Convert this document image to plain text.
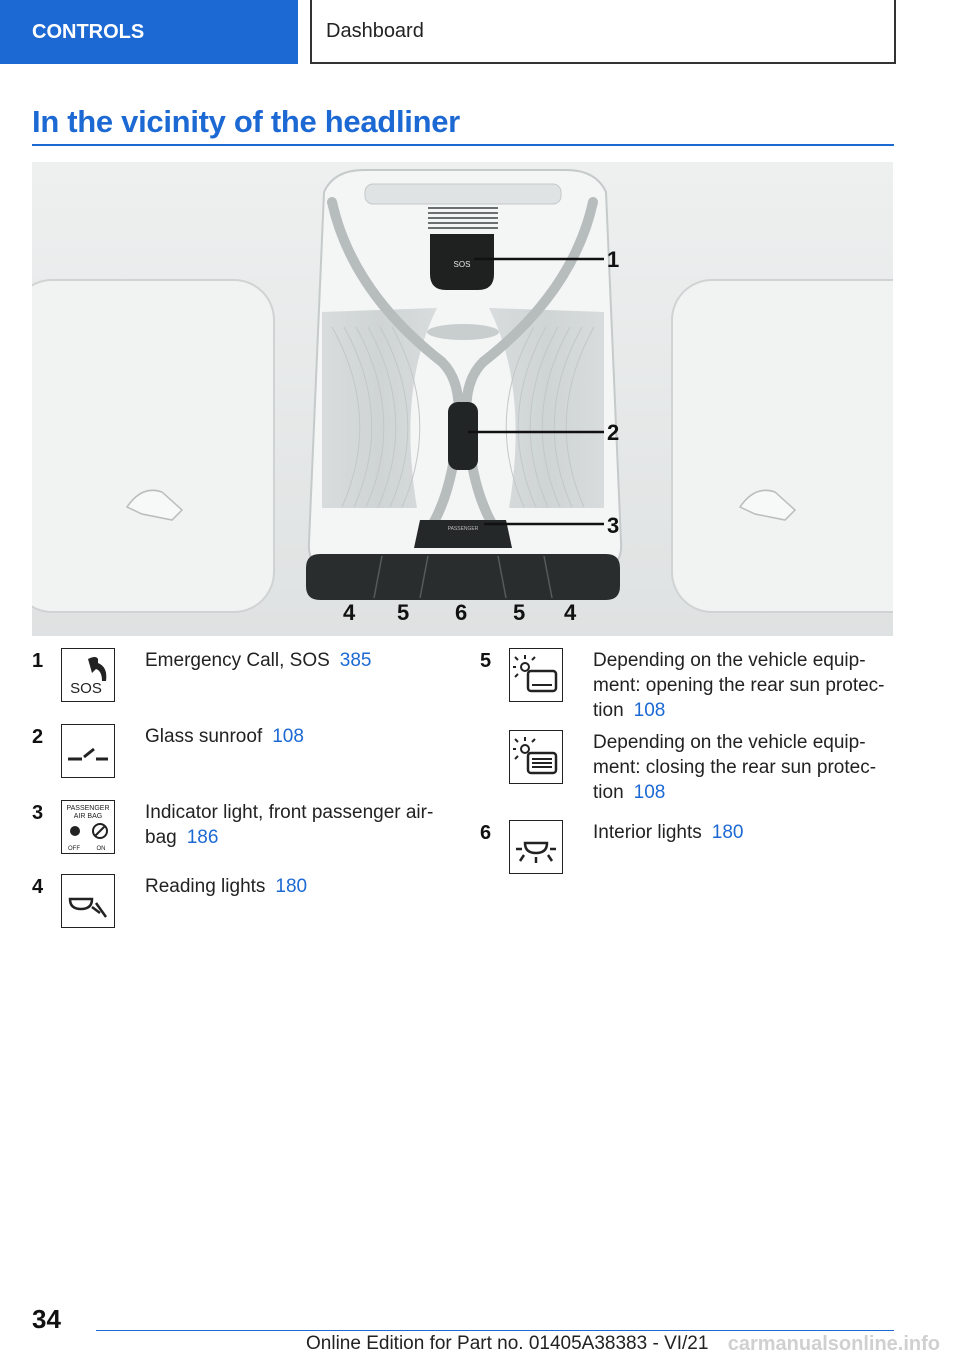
CONTROLS	Dashboard
In the vicinity of the headliner
SOS
PASSENGER
1
2
3
4 5 6 5 4
1
SOS
Emergency Call, SOS 385
2	Glass sunroof 108
3	PASSENGER
AIR BAG
OFF	ON
Indicator light, front passenger air‐
bag 186
4	Reading lights 180
5	Depending on the vehicle equip‐
ment: opening the rear sun protec‐
tion 108
Depending on the vehicle equip‐
ment: closing the rear sun protec‐
tion 108
6	Interior lights 180
34
Online Edition for Part no. 01405A38383 - VI/21 carmanualsonline.info
